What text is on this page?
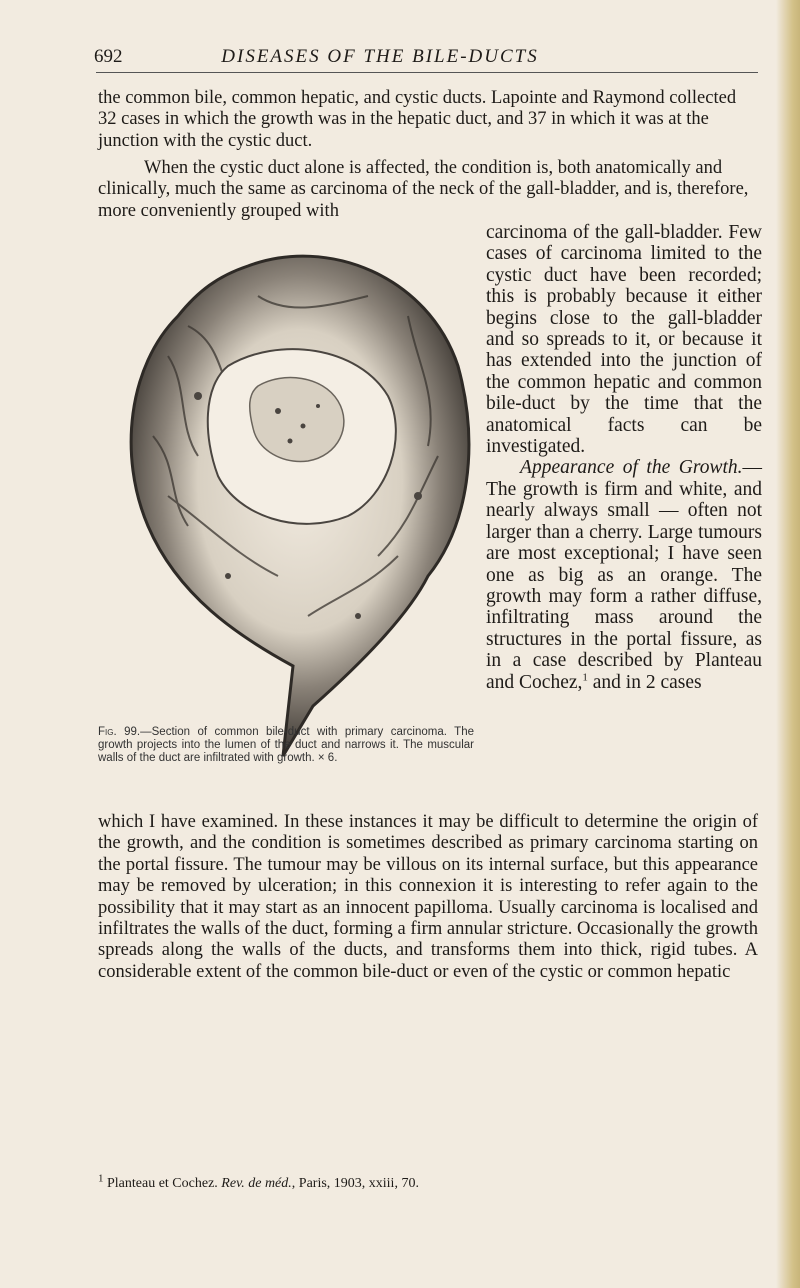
692	DISEASES OF THE BILE-DUCTS

the common bile, common hepatic, and cystic ducts. Lapointe and Raymond collected 32 cases in which the growth was in the hepatic duct, and 37 in which it was at the junction with the cystic duct.

When the cystic duct alone is affected, the condition is, both anatomically and clinically, much the same as carcinoma of the neck of the gall-bladder, and is, therefore, more conveniently grouped with

carcinoma of the gall-bladder. Few cases of carcinoma limited to the cystic duct have been recorded; this is probably because it either begins close to the gall-bladder and so spreads to it, or because it has extended into the junction of the common hepatic and common bile-duct by the time that the anatomical facts can be investigated.
Appearance of the Growth.—The growth is firm and white, and nearly always small — often not larger than a cherry. Large tumours are most exceptional; I have seen one as big as an orange. The growth may form a rather diffuse, infiltrating mass around the structures in the portal fissure, as in a case described by Planteau and Cochez,$^1$ and in 2 cases

Fig. 99.—Section of common bile-duct with primary carcinoma. The growth projects into the lumen of the duct and narrows it. The muscular walls of the duct are infiltrated with growth. × 6.

which I have examined. In these instances it may be difficult to determine the origin of the growth, and the condition is sometimes described as primary carcinoma starting on the portal fissure. The tumour may be villous on its internal surface, but this appearance may be removed by ulceration; in this connexion it is interesting to refer again to the possibility that it may start as an innocent papilloma. Usually carcinoma is localised and infiltrates the walls of the duct, forming a firm annular stricture. Occasionally the growth spreads along the walls of the ducts, and transforms them into thick, rigid tubes. A considerable extent of the common bile-duct or even of the cystic or common hepatic

$^1$ Planteau et Cochez. Rev. de méd., Paris, 1903, xxiii, 70.
